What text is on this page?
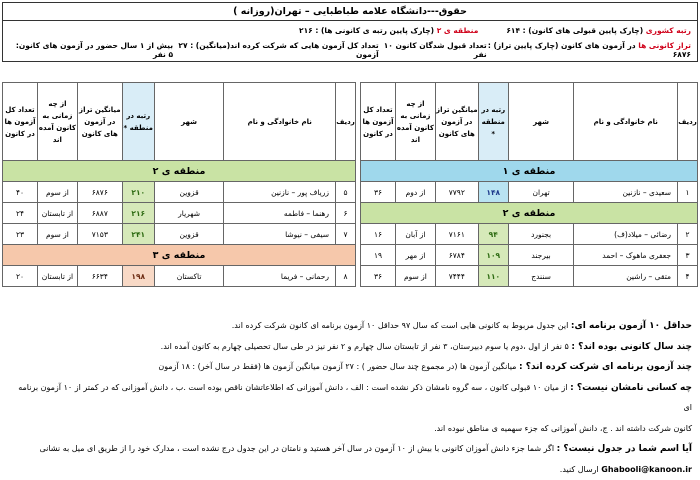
حقوق---دانشگاه علامه طباطبایی – تهران(روزانه )
رتبه کشوری (چارک پایین قبولی های کانون) : ۶۱۴
منطقه ی ۲ (چارک پایین رتبه ی کانونی ها) : ۲۱۶
تراز کانونی ها در آزمون های کانون (چارک پایین تراز) : ۶۸۷۶
تعداد قبول شدگان کانون ۱۰ نفر
تعداد کل آزمون هایی که شرکت کرده اند(میانگین) : ۲۷ آزمون
بیش از ۱ سال حضور در آزمون های کانون: ۵ نفر
ردیف	نام خانوادگی و نام	شهر	رتبه در منطقه *	میانگین تراز در آزمون های کانون	از چه زمانی به کانون آمده اند	تعداد کل آزمون ها در کانون
منطقه ی ۱						
۱	سعیدی – نازنین	تهران	۱۴۸	۷۷۹۲	از دوم	۳۶
منطقه ی ۲						
۲	رضائی – میلاد(ف)	بجنورد	۹۴	۷۱۶۱	از آبان	۱۶
۳	جعفری ماهوک – احمد	بیرجند	۱۰۹	۶۷۸۴	از مهر	۱۹
۴	متقی – راشین	سنندج	۱۱۰	۷۴۴۴	از سوم	۳۶
ردیف	نام خانوادگی و نام	شهر	رتبه در منطقه *	میانگین تراز در آزمون های کانون	از چه زمانی به کانون آمده اند	تعداد کل آزمون ها در کانون
منطقه ی ۲						
۵	زریاف پور – نازنین	قزوین	۲۱۰	۶۸۷۶	از سوم	۴۰
۶	رهنما – فاطمه	شهریار	۲۱۶	۶۸۸۷	از تابستان	۲۴
۷	سیفی – نیوشا	قزوین	۲۴۱	۷۱۵۳	از سوم	۲۳
منطقه ی ۳						
۸	رحمانی – فریما	تاکستان	۱۹۸	۶۶۳۴	از تابستان	۲۰
حداقل ۱۰ آزمون برنامه ای: این جدول مربوط به کانونی هایی است که سال ۹۷ حداقل ۱۰ آزمون برنامه ای کانون شرکت کرده اند.
چند سال کانونی بوده اند؟ : ۵ نفر از اول ،دوم یا سوم دبیرستان، ۳ نفر از تابستان سال چهارم و ۲ نفر نیز در طی سال تحصیلی چهارم به کانون آمده اند.
چند آزمون برنامه ای شرکت کرده اند؟ : میانگین آزمون ها (در مجموع چند سال حضور ) : ۲۷ آزمون میانگین آزمون ها (فقط در سال آخر) : ۱۸ آزمون
چه کسانی نامشان نیست؟ : از میان ۱۰ قبولی کانون ، سه گروه نامشان ذکر نشده است : الف ، دانش آموزانی که اطلاعاتشان ناقص بوده است .ب ، دانش آموزانی که در کمتر از ۱۰ آزمون برنامه ای
کانون شرکت داشته اند . ج، دانش آموزانی که جزء سهمیه ی مناطق نبوده اند.
آیا اسم شما در جدول نیست؟ : اگر شما جزء دانش آموزان کانونی با بیش از ۱۰ آزمون در سال آخر هستید و نامتان در این جدول درج نشده است ، مدارک خود را از طریق ای میل به نشانی
Ghabooli@kanoon.ir ارسال کنید.
